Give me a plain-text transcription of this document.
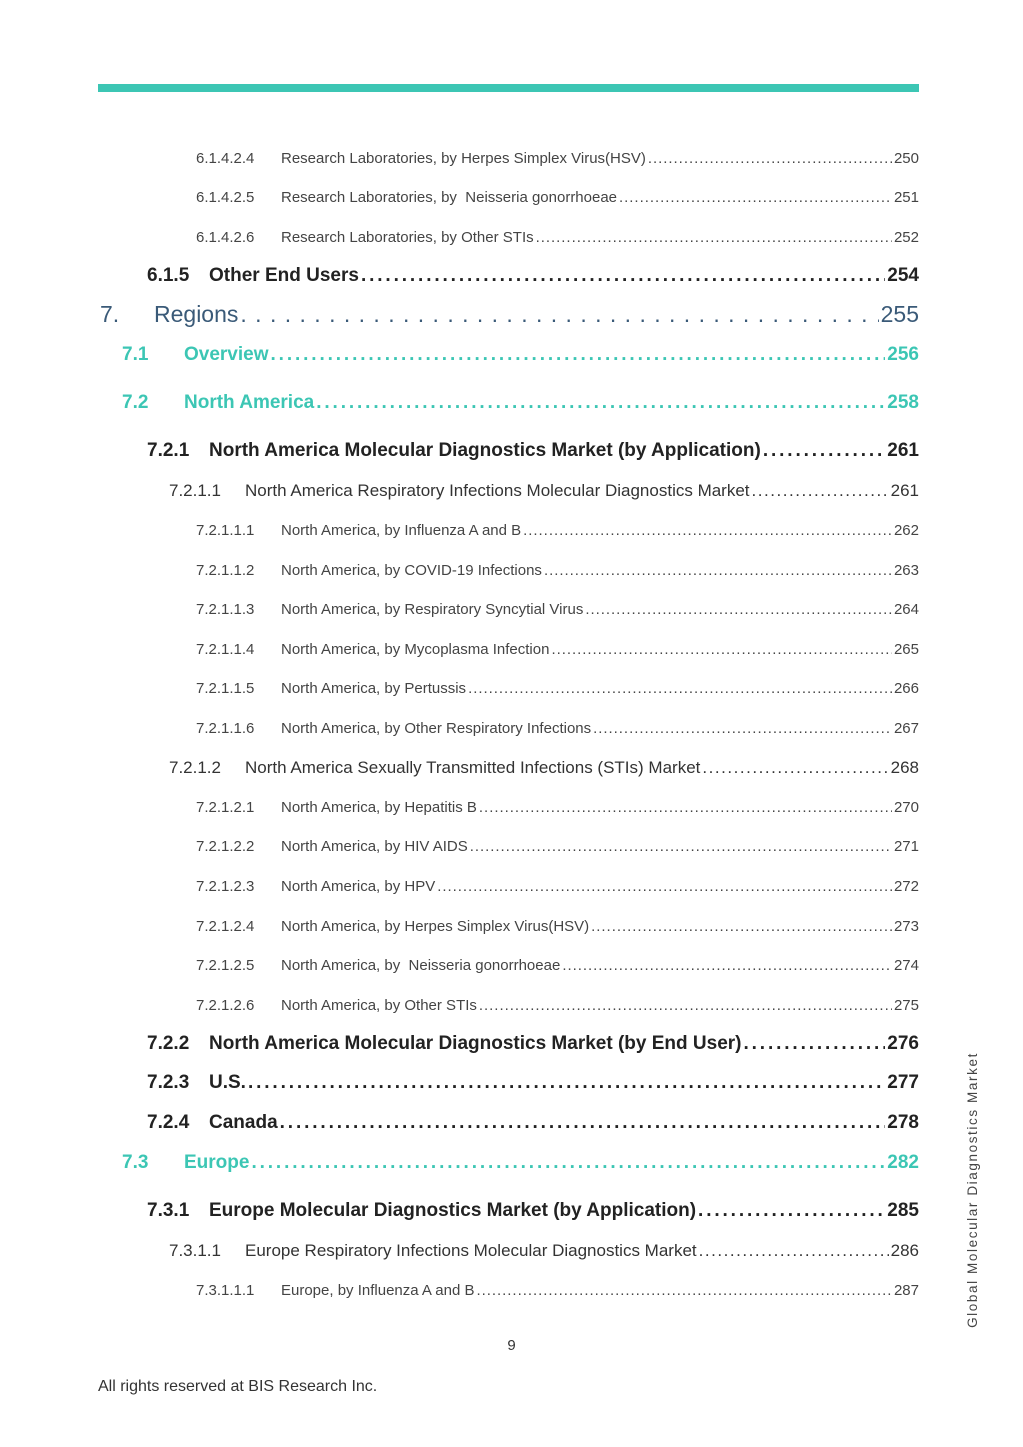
6.1.4.2.4	Research Laboratories, by Herpes Simplex Virus(HSV) . . .	250
6.1.4.2.5	Research Laboratories, by  Neisseria gonorrhoeae . . .	251
6.1.4.2.6	Research Laboratories, by Other STIs . . .	252
6.1.5	Other End Users . . .	254
7.	Regions . . .	255
7.1	Overview . . .	256
7.2	North America . . .	258
7.2.1	North America Molecular Diagnostics Market (by Application) . . .	261
7.2.1.1	North America Respiratory Infections Molecular Diagnostics Market . . .	261
7.2.1.1.1	North America, by Influenza A and B . . .	262
7.2.1.1.2	North America, by COVID-19 Infections . . .	263
7.2.1.1.3	North America, by Respiratory Syncytial Virus . . .	264
7.2.1.1.4	North America, by Mycoplasma Infection . . .	265
7.2.1.1.5	North America, by Pertussis . . .	266
7.2.1.1.6	North America, by Other Respiratory Infections . . .	267
7.2.1.2	North America Sexually Transmitted Infections (STIs) Market . . .	268
7.2.1.2.1	North America, by Hepatitis B . . .	270
7.2.1.2.2	North America, by HIV AIDS . . .	271
7.2.1.2.3	North America, by HPV . . .	272
7.2.1.2.4	North America, by Herpes Simplex Virus(HSV) . . .	273
7.2.1.2.5	North America, by  Neisseria gonorrhoeae . . .	274
7.2.1.2.6	North America, by Other STIs . . .	275
7.2.2	North America Molecular Diagnostics Market (by End User) . . .	276
7.2.3	U.S. . . .	277
7.2.4	Canada . . .	278
7.3	Europe . . .	282
7.3.1	Europe Molecular Diagnostics Market (by Application) . . .	285
7.3.1.1	Europe Respiratory Infections Molecular Diagnostics Market . . .	286
7.3.1.1.1	Europe, by Influenza A and B . . .	287
9
All rights reserved at BIS Research Inc.
Global Molecular Diagnostics Market
